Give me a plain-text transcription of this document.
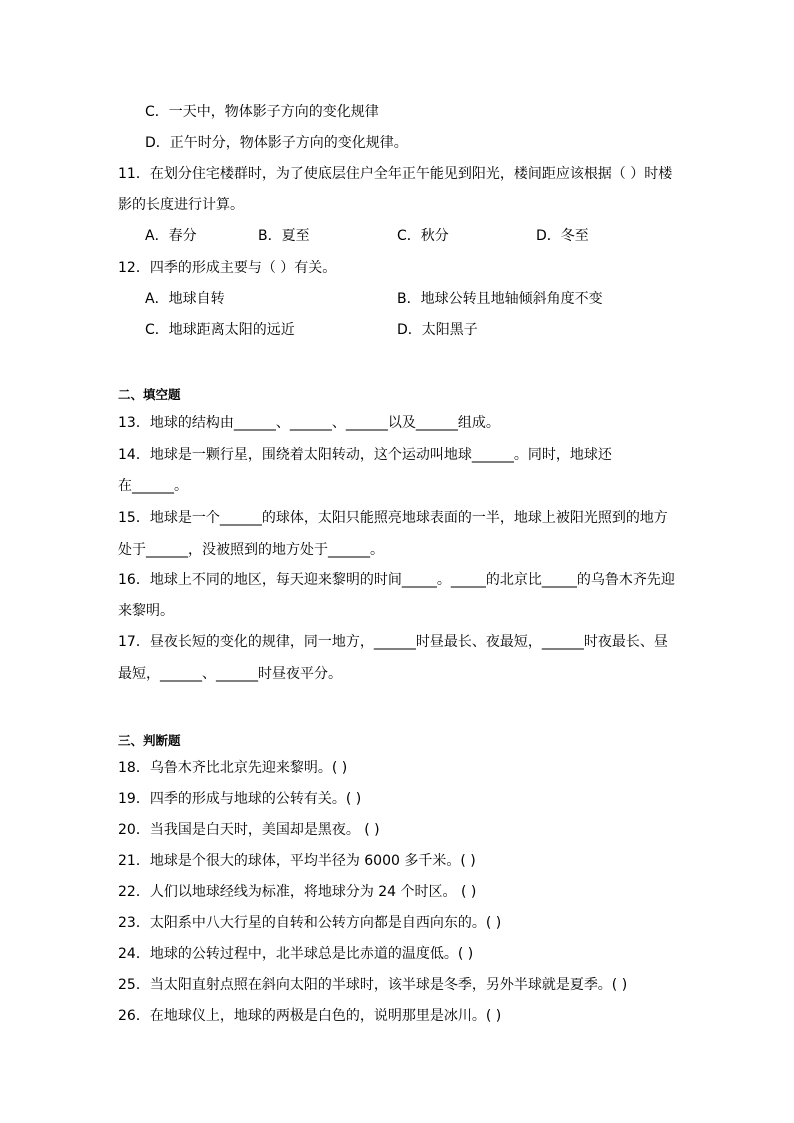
C．一天中，物体影子方向的变化规律
D．正午时分，物体影子方向的变化规律。
11．在划分住宅楼群时，为了使底层住户全年正午能见到阳光，楼间距应该根据（ ）时楼
影的长度进行计算。
A．春分	B．夏至	C．秋分	D．冬至
12．四季的形成主要与（ ）有关。
A．地球自转	B．地球公转且地轴倾斜角度不变
C．地球距离太阳的远近	D．太阳黑子
二、填空题
13．地球的结构由______、______、______以及______组成。
14．地球是一颗行星，围绕着太阳转动，这个运动叫地球______。同时，地球还
在______。
15．地球是一个______的球体，太阳只能照亮地球表面的一半，地球上被阳光照到的地方
处于______，没被照到的地方处于______。
16．地球上不同的地区，每天迎来黎明的时间_____。_____的北京比_____的乌鲁木齐先迎
来黎明。
17．昼夜长短的变化的规律，同一地方，______时昼最长、夜最短，______时夜最长、昼
最短，______、______时昼夜平分。
三、判断题
18．乌鲁木齐比北京先迎来黎明。( )
19．四季的形成与地球的公转有关。( )
20．当我国是白天时，美国却是黑夜。 ( )
21．地球是个很大的球体，平均半径为 6000 多千米。( )
22．人们以地球经线为标准，将地球分为 24 个时区。 ( )
23．太阳系中八大行星的自转和公转方向都是自西向东的。( )
24．地球的公转过程中，北半球总是比赤道的温度低。( )
25．当太阳直射点照在斜向太阳的半球时，该半球是冬季，另外半球就是夏季。( )
26．在地球仪上，地球的两极是白色的，说明那里是冰川。( )
